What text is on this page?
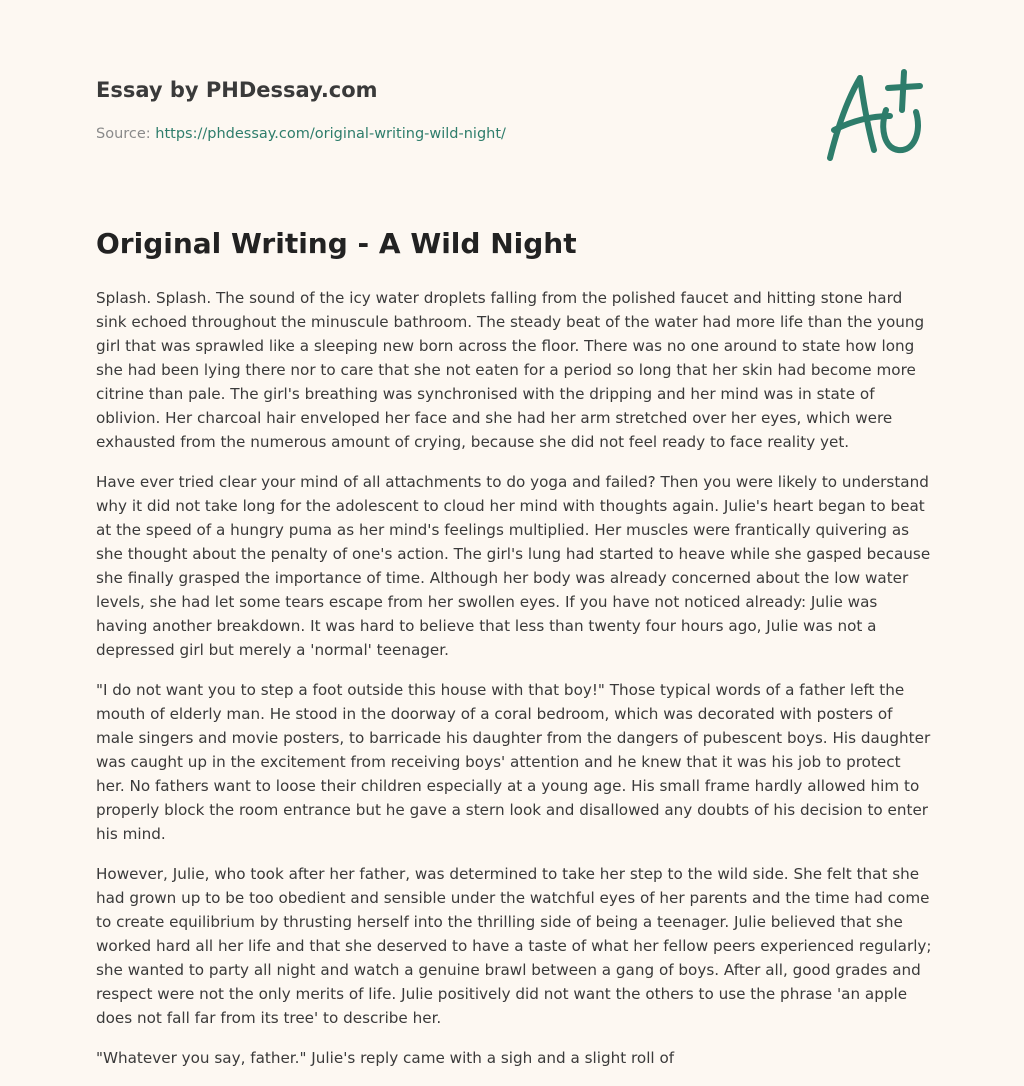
Essay by PHDessay.com
Source: https://phdessay.com/original-writing-wild-night/
Original Writing - A Wild Night

Splash. Splash. The sound of the icy water droplets falling from the polished faucet and hitting stone hard sink echoed throughout the minuscule bathroom. The steady beat of the water had more life than the young girl that was sprawled like a sleeping new born across the floor. There was no one around to state how long she had been lying there nor to care that she not eaten for a period so long that her skin had become more citrine than pale. The girl's breathing was synchronised with the dripping and her mind was in state of oblivion. Her charcoal hair enveloped her face and she had her arm stretched over her eyes, which were exhausted from the numerous amount of crying, because she did not feel ready to face reality yet.

Have ever tried clear your mind of all attachments to do yoga and failed? Then you were likely to understand why it did not take long for the adolescent to cloud her mind with thoughts again. Julie's heart began to beat at the speed of a hungry puma as her mind's feelings multiplied. Her muscles were frantically quivering as she thought about the penalty of one's action. The girl's lung had started to heave while she gasped because she finally grasped the importance of time. Although her body was already concerned about the low water levels, she had let some tears escape from her swollen eyes. If you have not noticed already: Julie was having another breakdown. It was hard to believe that less than twenty four hours ago, Julie was not a depressed girl but merely a 'normal' teenager.

"I do not want you to step a foot outside this house with that boy!" Those typical words of a father left the mouth of elderly man. He stood in the doorway of a coral bedroom, which was decorated with posters of male singers and movie posters, to barricade his daughter from the dangers of pubescent boys. His daughter was caught up in the excitement from receiving boys' attention and he knew that it was his job to protect her. No fathers want to loose their children especially at a young age. His small frame hardly allowed him to properly block the room entrance but he gave a stern look and disallowed any doubts of his decision to enter his mind.

However, Julie, who took after her father, was determined to take her step to the wild side. She felt that she had grown up to be too obedient and sensible under the watchful eyes of her parents and the time had come to create equilibrium by thrusting herself into the thrilling side of being a teenager. Julie believed that she worked hard all her life and that she deserved to have a taste of what her fellow peers experienced regularly; she wanted to party all night and watch a genuine brawl between a gang of boys. After all, good grades and respect were not the only merits of life. Julie positively did not want the others to use the phrase 'an apple does not fall far from its tree' to describe her.

"Whatever you say, father." Julie's reply came with a sigh and a slight roll of
